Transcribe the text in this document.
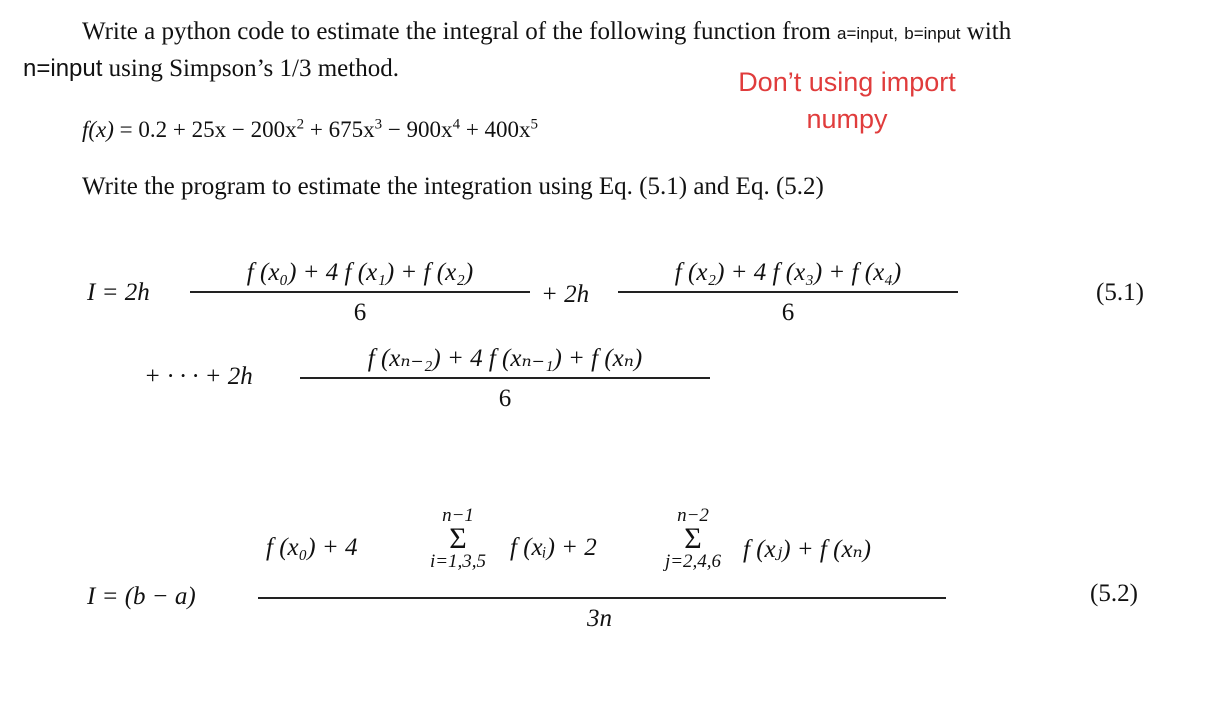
Write a python code to estimate the integral of the following function from a=input, b=input with
n=input using Simpson’s 1/3 method.	Don’t using import
numpy
$f(x) = 0.2 + 25x - 200x^2 + 675x^3 - 900x^4 + 400x^5$
Write the program to estimate the integration using Eq. (5.1) and Eq. (5.2)
I = 2h
f (x₀) + 4 f (x₁) + f (x₂)
6
+ 2h
f (x₂) + 4 f (x₃) + f (x₄)
6
(5.1)
+ · · · + 2h
f (xₙ₋₂) + 4 f (xₙ₋₁) + f (xₙ)
6
I = (b − a)
f (x₀) + 4
n−1
Σ
i=1,3,5
f (xᵢ) + 2
n−2
Σ
j=2,4,6 f (xⱼ) + f (xₙ)
3n
(5.2)
